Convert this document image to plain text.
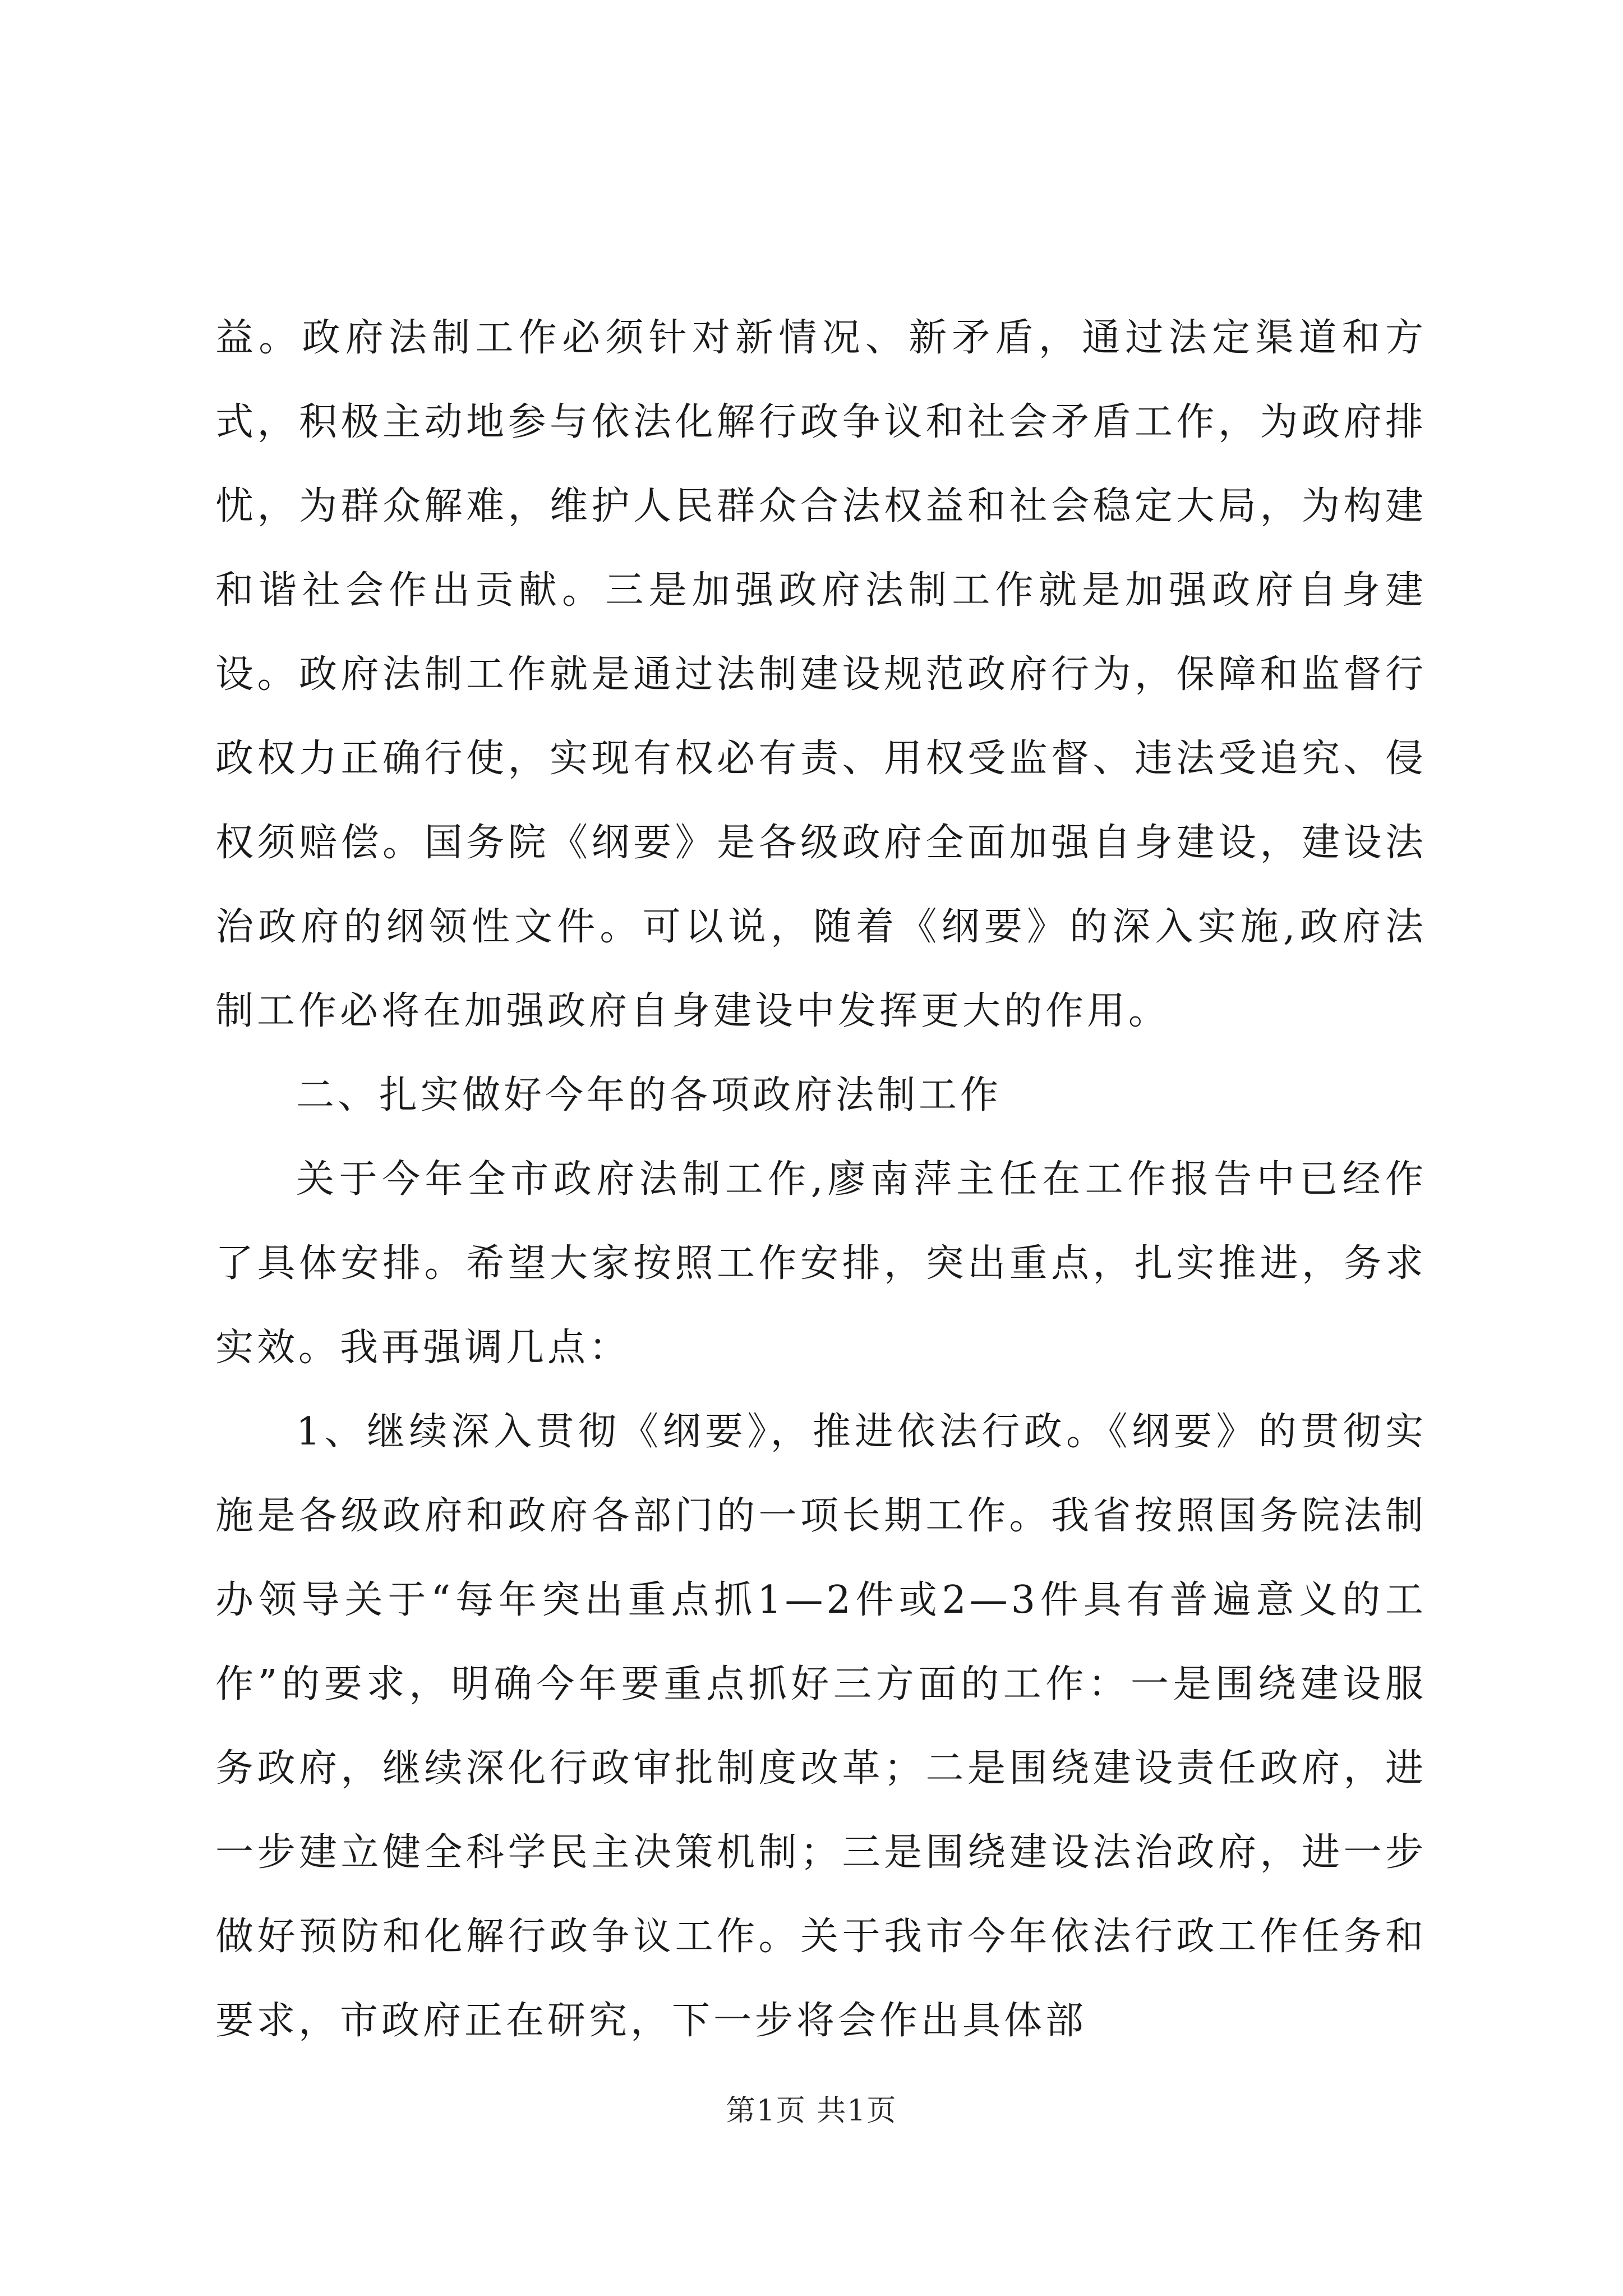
益。政府法制工作必须针对新情况、新矛盾，通过法定渠道和方式，积极主动地参与依法化解行政争议和社会矛盾工作，为政府排忧，为群众解难，维护人民群众合法权益和社会稳定大局，为构建和谐社会作出贡献。三是加强政府法制工作就是加强政府自身建设。政府法制工作就是通过法制建设规范政府行为，保障和监督行政权力正确行使，实现有权必有责、用权受监督、违法受追究、侵权须赔偿。国务院《纲要》是各级政府全面加强自身建设，建设法治政府的纲领性文件。可以说，随着《纲要》的深入实施,政府法制工作必将在加强政府自身建设中发挥更大的作用。

二、扎实做好今年的各项政府法制工作

关于今年全市政府法制工作,廖南萍主任在工作报告中已经作了具体安排。希望大家按照工作安排，突出重点，扎实推进，务求实效。我再强调几点：

1、继续深入贯彻《纲要》，推进依法行政。《纲要》的贯彻实施是各级政府和政府各部门的一项长期工作。我省按照国务院法制办领导关于“每年突出重点抓1—2件或2—3件具有普遍意义的工作”的要求，明确今年要重点抓好三方面的工作：一是围绕建设服务政府，继续深化行政审批制度改革；二是围绕建设责任政府，进一步建立健全科学民主决策机制；三是围绕建设法治政府，进一步做好预防和化解行政争议工作。关于我市今年依法行政工作任务和要求，市政府正在研究，下一步将会作出具体部

第1页 共1页
